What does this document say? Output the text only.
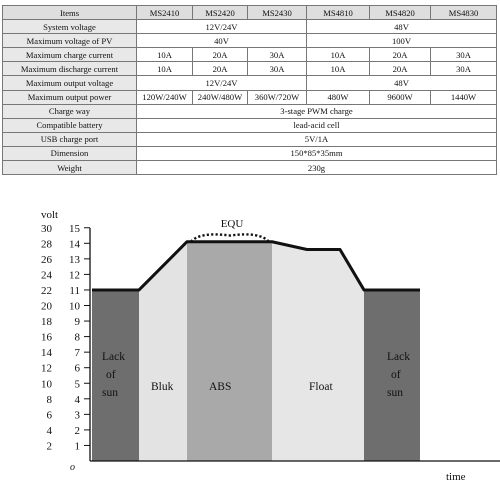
Items	MS2410	MS2420	MS2430	MS4810	MS4820	MS4830
System voltage	12V/24V			48V		
Maximum voltage of PV	40V			100V		
Maximum charge current	10A	20A	30A	10A	20A	30A
Maximum discharge current	10A	20A	30A	10A	20A	30A
Maximum output voltage	12V/24V			48V		
Maximum output power	120W/240W	240W/480W	360W/720W	480W	9600W	1440W
Charge way	3-stage PWM charge					
Compatible battery	lead-acid cell					
USB charge port	5V/1A					
Dimension	150*85*35mm					
Weight	230g					
Lack of sun	Bluk	ABS	Float
Lack of sun
30
28
26
24
22
20
18
16
14
12
10
8
6
4
2
15
14
13
12
11
10
9
8
7
6
5
4
3
2
1
volt
time
o
EQU
